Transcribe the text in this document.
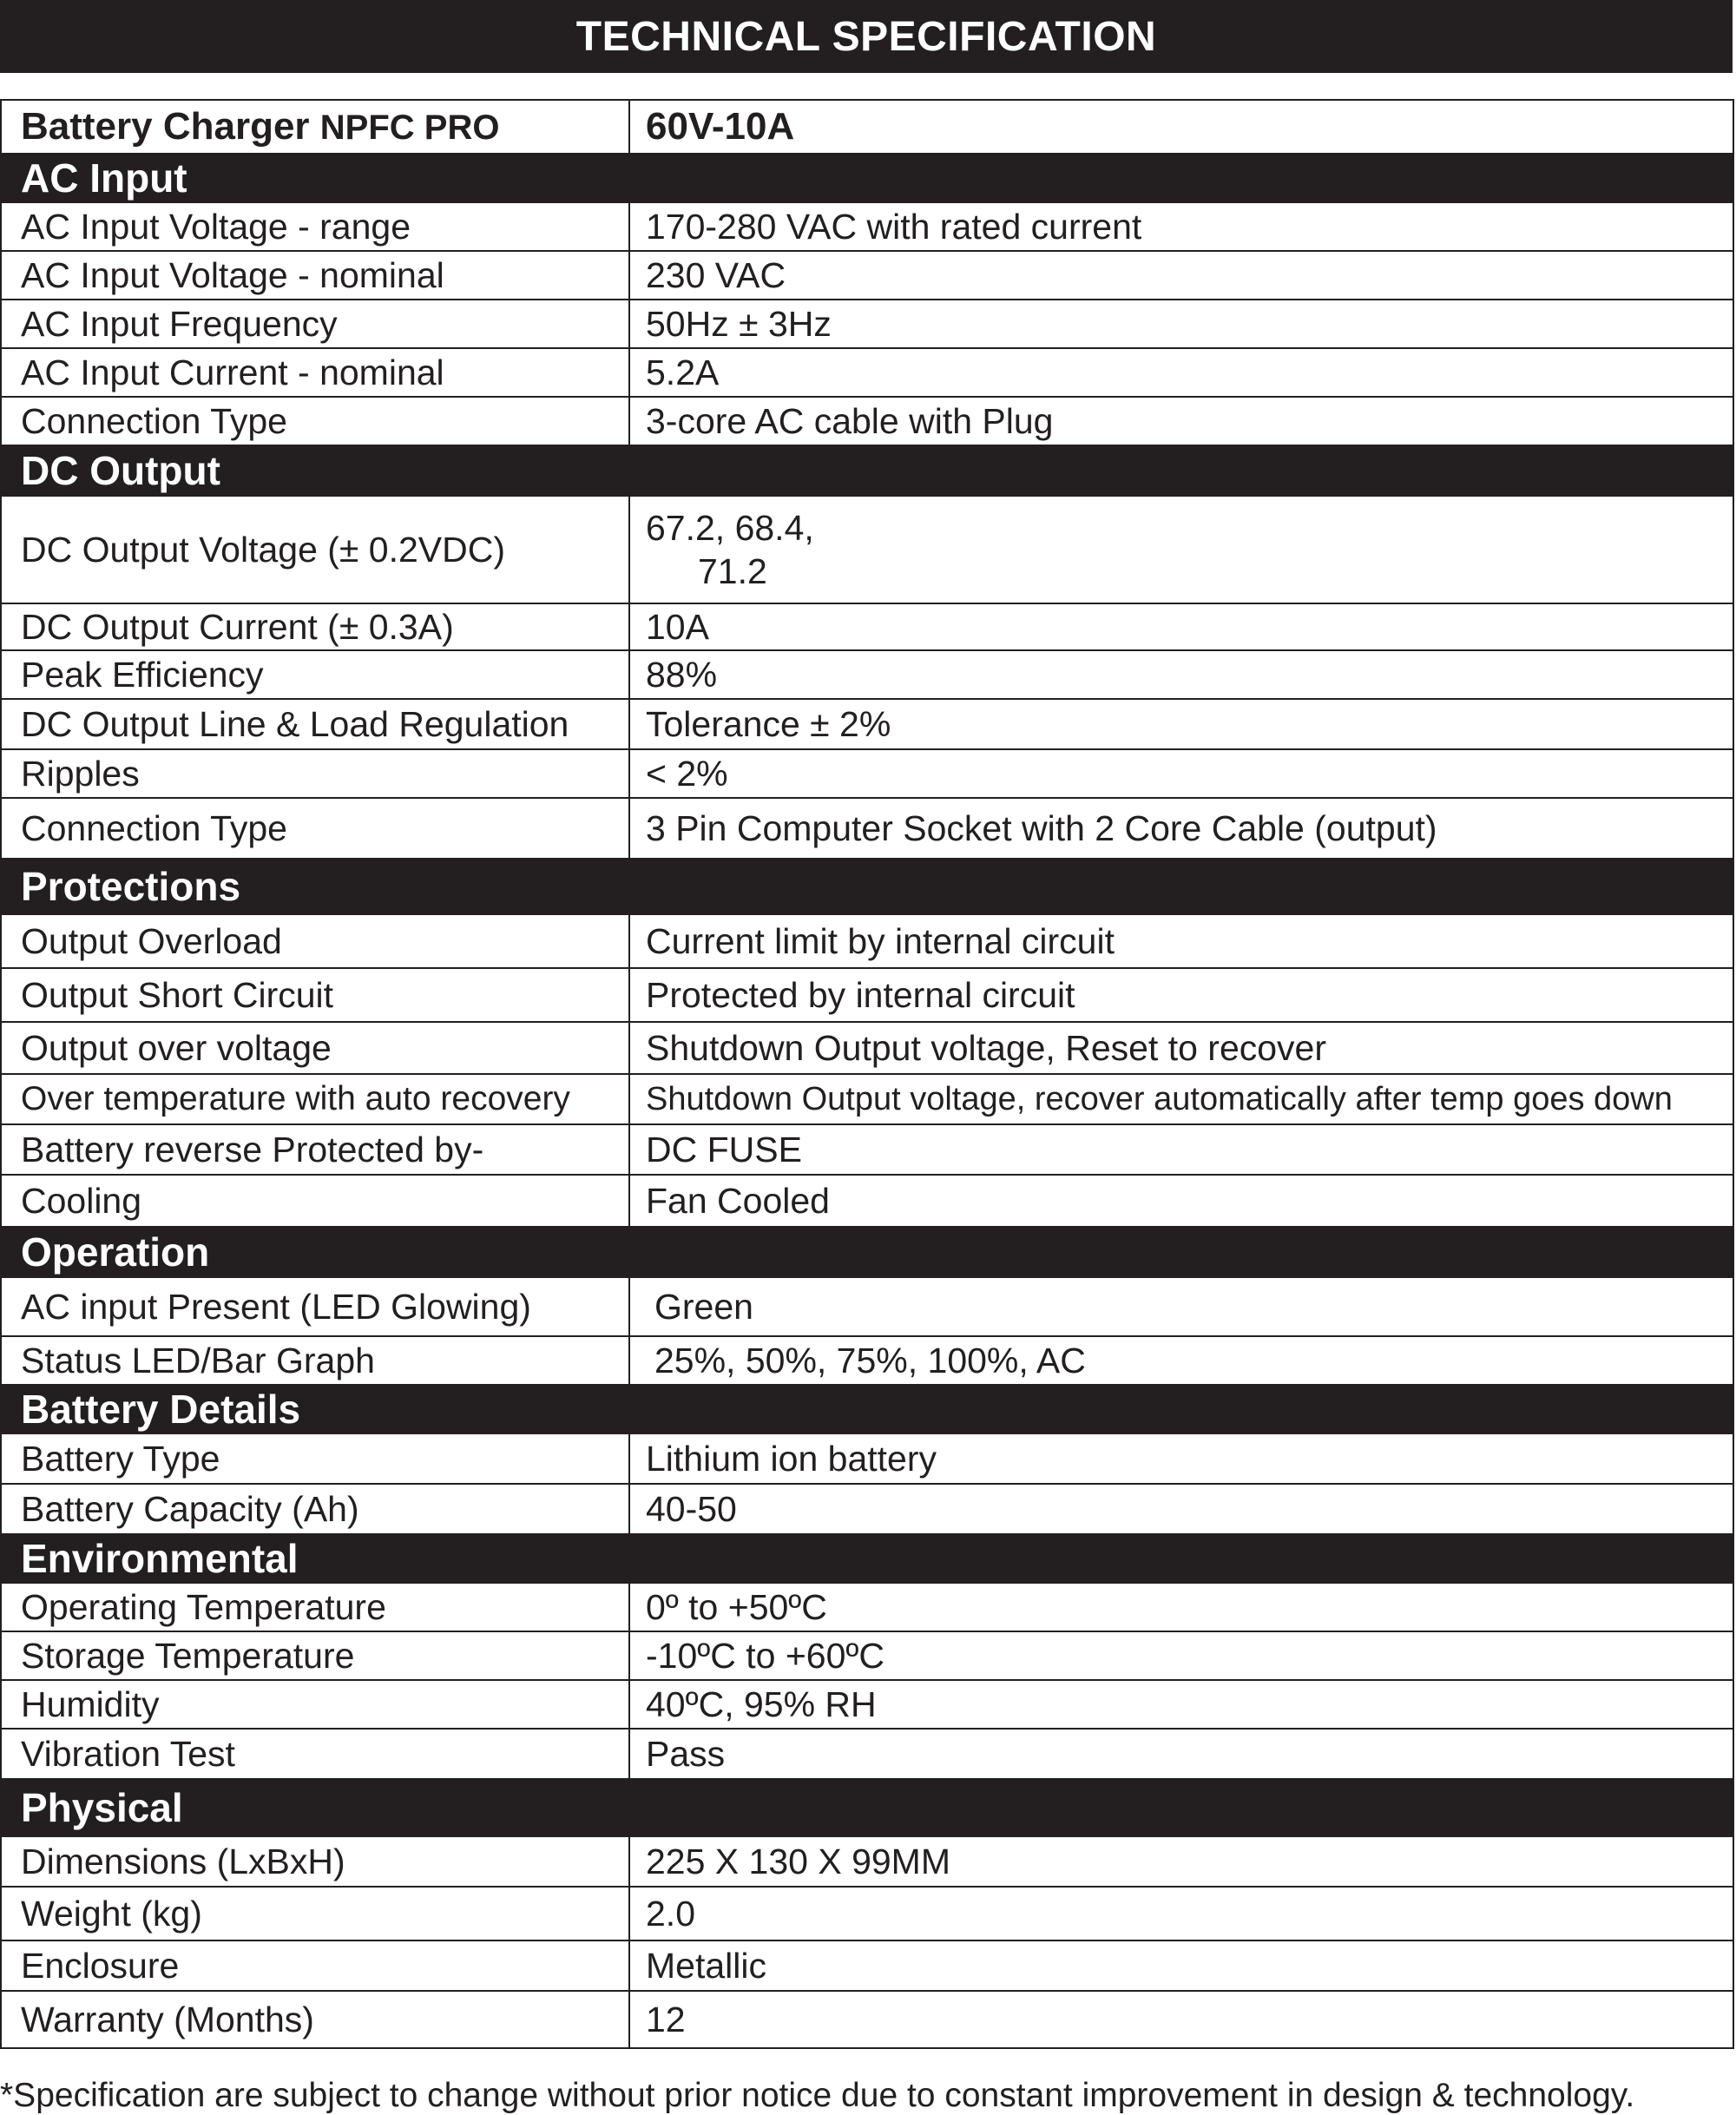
TECHNICAL SPECIFICATION
Battery Charger NPFC PRO	60V-10A
AC Input	
AC Input Voltage - range	170-280 VAC with rated current
AC Input Voltage - nominal	230 VAC
AC Input Frequency	50Hz ± 3Hz
AC Input Current - nominal	5.2A
Connection Type	3-core AC cable with Plug
DC Output	
DC Output Voltage (± 0.2VDC)	67.2, 68.4,
71.2

DC Output Current (± 0.3A)	10A
Peak Efficiency	88%
DC Output Line & Load Regulation	Tolerance ± 2%
Ripples	< 2%
Connection Type	3 Pin Computer Socket with 2 Core Cable (output)
Protections	
Output Overload	Current limit by internal circuit
Output Short Circuit	Protected by internal circuit
Output over voltage	Shutdown Output voltage, Reset to recover
Over temperature with auto recovery	Shutdown Output voltage, recover automatically after temp goes down
Battery reverse Protected by-	DC FUSE
Cooling	Fan Cooled
Operation	
AC input Present (LED Glowing)	Green
Status LED/Bar Graph	25%, 50%, 75%, 100%, AC
Battery Details	
Battery Type	Lithium ion battery
Battery Capacity (Ah)	40-50
Environmental	
Operating Temperature	0º to +50ºC
Storage Temperature	-10ºC to +60ºC
Humidity	40ºC, 95% RH
Vibration Test	Pass
Physical	
Dimensions (LxBxH)	225 X 130 X 99MM
Weight (kg)	2.0
Enclosure	Metallic
Warranty (Months)	12
*Specification are subject to change without prior notice due to constant improvement in design & technology.
